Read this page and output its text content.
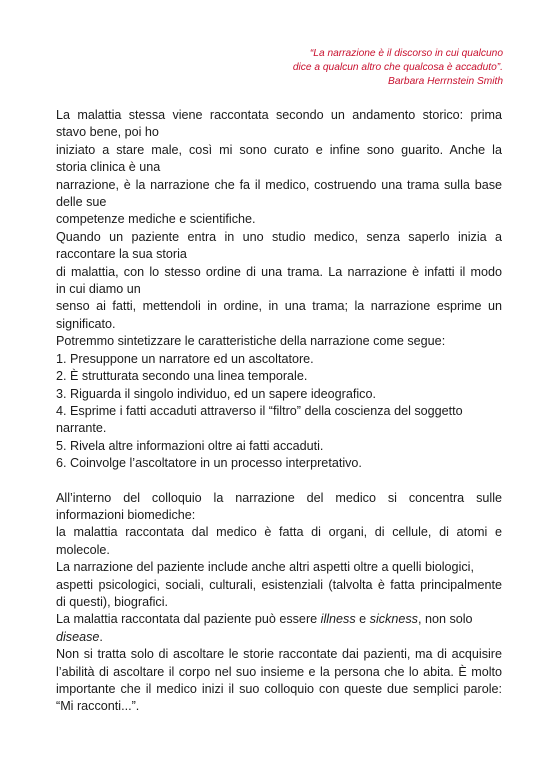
“La narrazione è il discorso in cui qualcuno
dice a qualcun altro che qualcosa è accaduto”.
Barbara Herrnstein Smith
La malattia stessa viene raccontata secondo un andamento storico: prima
stavo bene, poi ho
iniziato a stare male, così mi sono curato e infine sono guarito. Anche la
storia clinica è una
narrazione, è la narrazione che fa il medico, costruendo una trama sulla base
delle sue
competenze mediche e scientifiche.
Quando un paziente entra in uno studio medico, senza saperlo inizia a
raccontare la sua storia
di malattia, con lo stesso ordine di una trama. La narrazione è infatti il modo
in cui diamo un
senso ai fatti, mettendoli in ordine, in una trama; la narrazione esprime un
significato.
Potremmo sintetizzare le caratteristiche della narrazione come segue:
1. Presuppone un narratore ed un ascoltatore.
2. È strutturata secondo una linea temporale.
3. Riguarda il singolo individuo, ed un sapere ideografico.
4. Esprime i fatti accaduti attraverso il “filtro” della coscienza del soggetto
narrante.
5. Rivela altre informazioni oltre ai fatti accaduti.
6. Coinvolge l’ascoltatore in un processo interpretativo.
All’interno del colloquio la narrazione del medico si concentra sulle
informazioni biomediche:
la malattia raccontata dal medico è fatta di organi, di cellule, di atomi e
molecole.
La narrazione del paziente include anche altri aspetti oltre a quelli biologici,
aspetti psicologici, sociali, culturali, esistenziali (talvolta è fatta principalmente
di questi), biografici.
La malattia raccontata dal paziente può essere illness e sickness, non solo
disease.
Non si tratta solo di ascoltare le storie raccontate dai pazienti, ma di acquisire
l’abilità di ascoltare il corpo nel suo insieme e la persona che lo abita. È molto
importante che il medico inizi il suo colloquio con queste due semplici parole:
“Mi racconti...”.
